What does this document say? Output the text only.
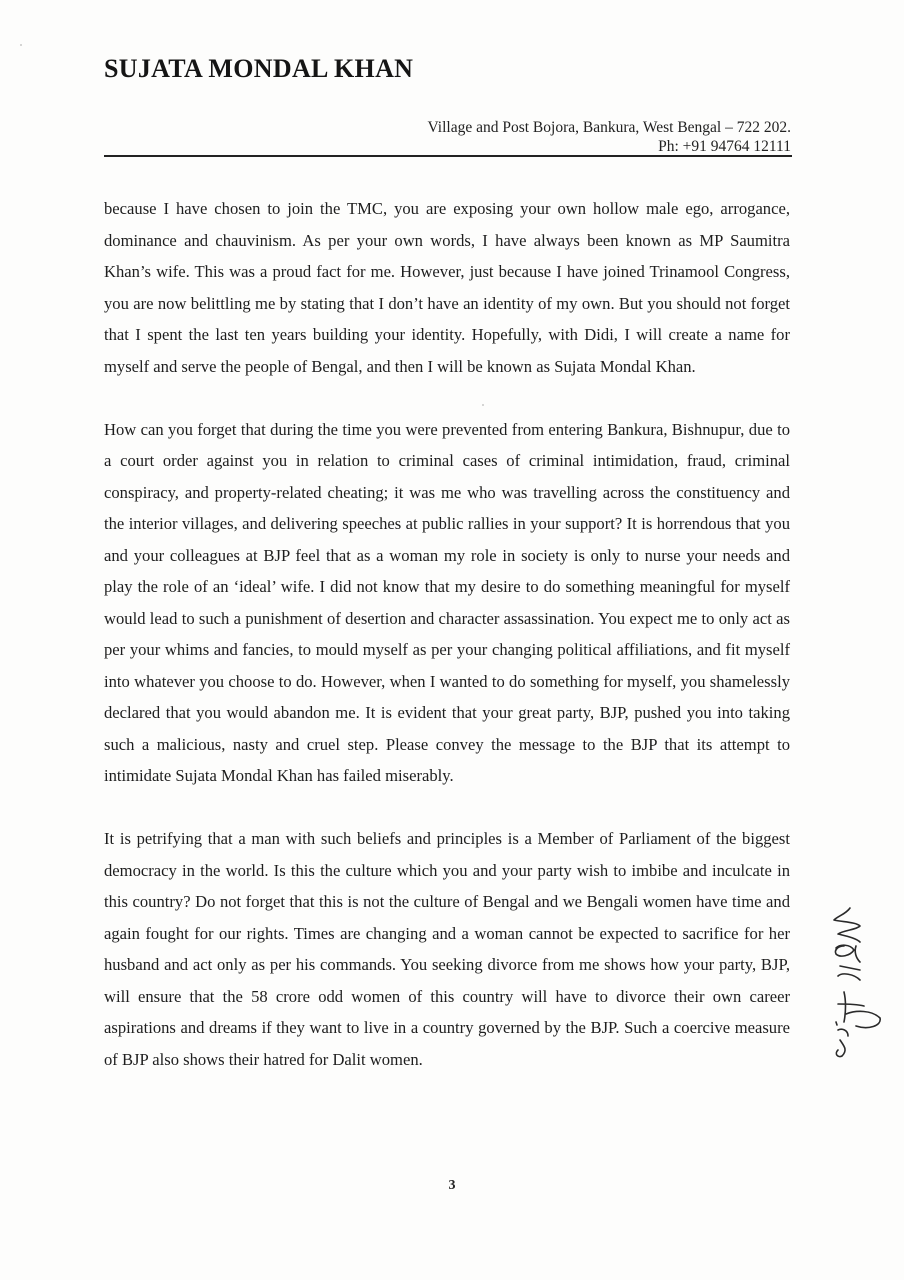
SUJATA MONDAL KHAN
Village and Post Bojora, Bankura, West Bengal – 722 202.
Ph: +91 94764 12111

because I have chosen to join the TMC, you are exposing your own hollow male ego, arrogance, dominance and chauvinism. As per your own words, I have always been known as MP Saumitra Khan’s wife. This was a proud fact for me. However, just because I have joined Trinamool Congress, you are now belittling me by stating that I don’t have an identity of my own. But you should not forget that I spent the last ten years building your identity. Hopefully, with Didi, I will create a name for myself and serve the people of Bengal, and then I will be known as Sujata Mondal Khan.

How can you forget that during the time you were prevented from entering Bankura, Bishnupur, due to a court order against you in relation to criminal cases of criminal intimidation, fraud, criminal conspiracy, and property-related cheating; it was me who was travelling across the constituency and the interior villages, and delivering speeches at public rallies in your support? It is horrendous that you and your colleagues at BJP feel that as a woman my role in society is only to nurse your needs and play the role of an ‘ideal’ wife. I did not know that my desire to do something meaningful for myself would lead to such a punishment of desertion and character assassination. You expect me to only act as per your whims and fancies, to mould myself as per your changing political affiliations, and fit myself into whatever you choose to do. However, when I wanted to do something for myself, you shamelessly declared that you would abandon me. It is evident that your great party, BJP, pushed you into taking such a malicious, nasty and cruel step. Please convey the message to the BJP that its attempt to intimidate Sujata Mondal Khan has failed miserably.

It is petrifying that a man with such beliefs and principles is a Member of Parliament of the biggest democracy in the world. Is this the culture which you and your party wish to imbibe and inculcate in this country? Do not forget that this is not the culture of Bengal and we Bengali women have time and again fought for our rights. Times are changing and a woman cannot be expected to sacrifice for her husband and act only as per his commands. You seeking divorce from me shows how your party, BJP, will ensure that the 58 crore odd women of this country will have to divorce their own career aspirations and dreams if they want to live in a country governed by the BJP. Such a coercive measure of BJP also shows their hatred for Dalit women.

3
